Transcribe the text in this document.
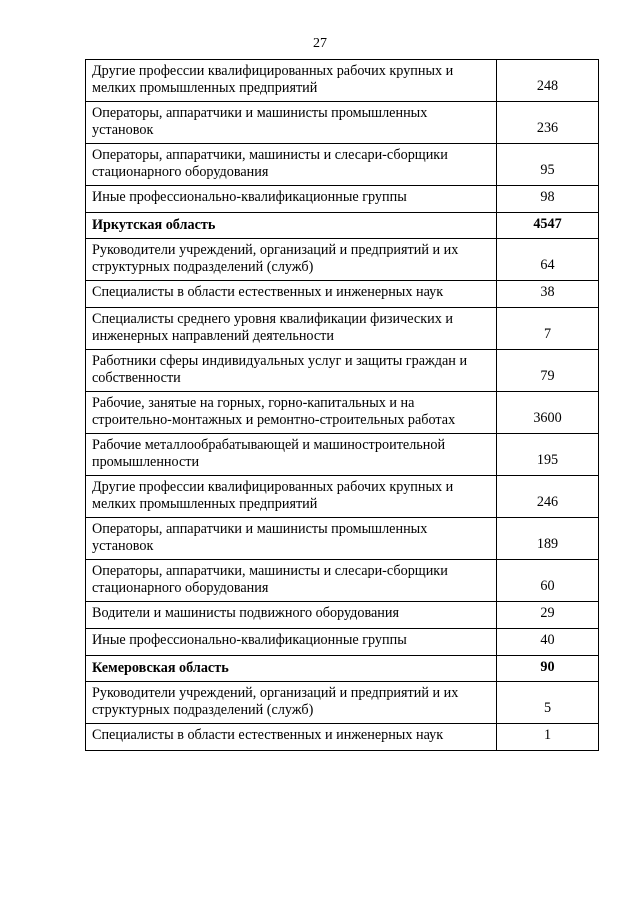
27
Другие профессии квалифицированных рабочих крупных и мелких промышленных предприятий	248
Операторы, аппаратчики и машинисты промышленных установок	236
Операторы, аппаратчики, машинисты и слесари-сборщики стационарного оборудования	95
Иные профессионально-квалификационные группы	98
Иркутская область	4547
Руководители учреждений, организаций и предприятий и их структурных подразделений (служб)	64
Специалисты в области естественных и инженерных наук	38
Специалисты среднего уровня квалификации физических и инженерных направлений деятельности	7
Работники сферы индивидуальных услуг и защиты граждан и собственности	79
Рабочие, занятые на горных, горно-капитальных и на строительно-монтажных и ремонтно-строительных работах	3600
Рабочие металлообрабатывающей и машиностроительной промышленности	195
Другие профессии квалифицированных рабочих крупных и мелких промышленных предприятий	246
Операторы, аппаратчики и машинисты промышленных установок	189
Операторы, аппаратчики, машинисты и слесари-сборщики стационарного оборудования	60
Водители и машинисты подвижного оборудования	29
Иные профессионально-квалификационные группы	40
Кемеровская область	90
Руководители учреждений, организаций и предприятий и их структурных подразделений (служб)	5
Специалисты в области естественных и инженерных наук	1
